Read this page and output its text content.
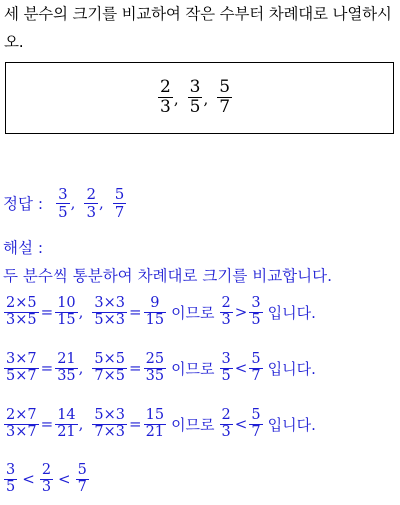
세 분수의 크기를 비교하여 작은 수부터 차례대로 나열하시오.
$\frac{2}{3}$ , $\frac{3}{5}$ , $\frac{5}{7}$
정답 : $\frac{3}{5}$ , $\frac{2}{3}$ , $\frac{5}{7}$
해설 :
두 분수씩 통분하여 차례대로 크기를 비교합니다.
$\frac{2\times 5}{3\times 5} = \frac{10}{15}$ , $\frac{3\times 3}{5\times 3} = \frac{9}{15}$ 이므로 $\frac{2}{3} > \frac{3}{5}$ 입니다.
$\frac{3\times 7}{5\times 7} = \frac{21}{35}$ , $\frac{5\times 5}{7\times 5} = \frac{25}{35}$ 이므로 $\frac{3}{5} < \frac{5}{7}$ 입니다.
$\frac{2\times 7}{3\times 7} = \frac{14}{21}$ , $\frac{5\times 3}{7\times 3} = \frac{15}{21}$ 이므로 $\frac{2}{3} < \frac{5}{7}$ 입니다.
$\frac{3}{5} < \frac{2}{3} < \frac{5}{7}$
